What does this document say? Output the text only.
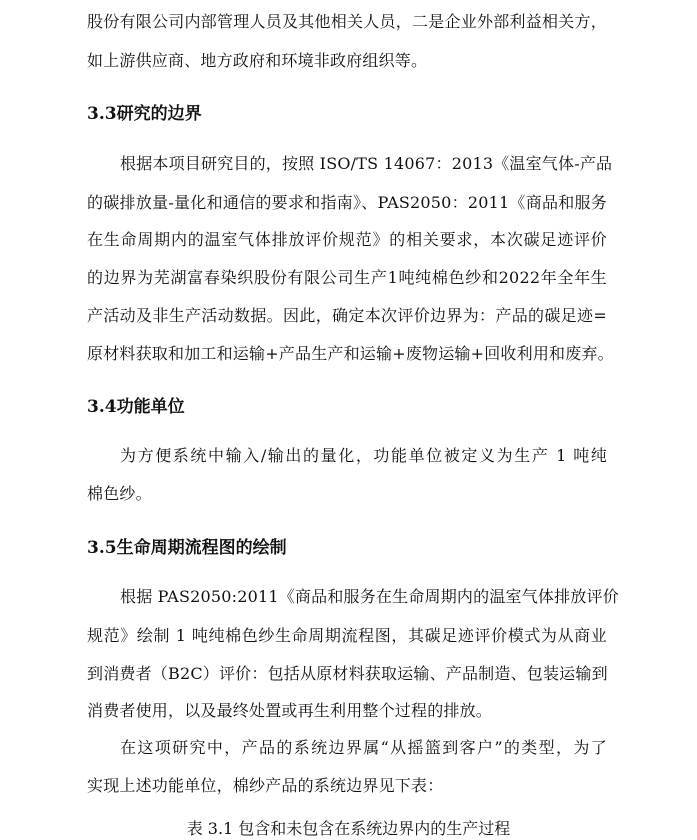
股份有限公司内部管理人员及其他相关人员，二是企业外部利益相关方，
如上游供应商、地方政府和环境非政府组织等。
3.3研究的边界
根据本项目研究目的，按照 ISO/TS 14067：2013《温室气体-产品
的碳排放量-量化和通信的要求和指南》、PAS2050：2011《商品和服务
在生命周期内的温室气体排放评价规范》的相关要求，本次碳足迹评价
的边界为芜湖富春染织股份有限公司生产1吨纯棉色纱和2022年全年生
产活动及非生产活动数据。因此，确定本次评价边界为：产品的碳足迹=
原材料获取和加工和运输+产品生产和运输+废物运输+回收利用和废弃。
3.4功能单位
为方便系统中输入/输出的量化，功能单位被定义为生产 1 吨纯
棉色纱。
3.5生命周期流程图的绘制
根据 PAS2050:2011《商品和服务在生命周期内的温室气体排放评价
规范》绘制 1 吨纯棉色纱生命周期流程图，其碳足迹评价模式为从商业
到消费者（B2C）评价：包括从原材料获取运输、产品制造、包装运输到
消费者使用，以及最终处置或再生利用整个过程的排放。
在这项研究中，产品的系统边界属“从摇篮到客户”的类型，为了
实现上述功能单位，棉纱产品的系统边界见下表：
表 3.1 包含和未包含在系统边界内的生产过程
